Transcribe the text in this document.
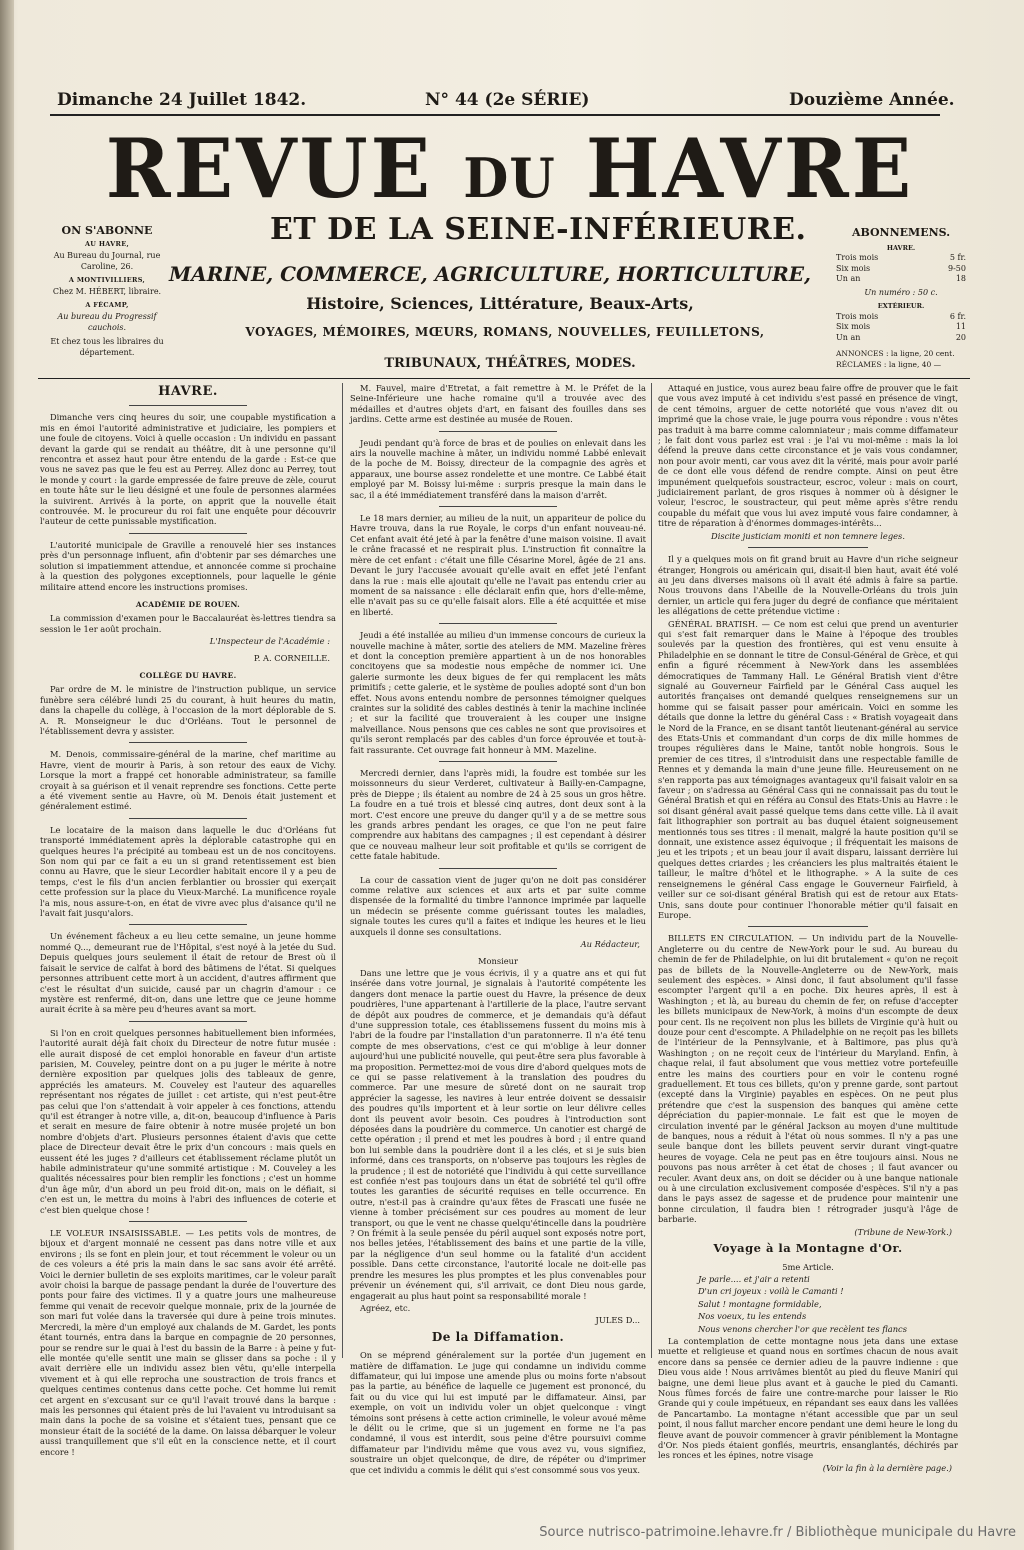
Dimanche 24 Juillet 1842.	N° 44 (2e SÉRIE)	Douzième Année.
REVUE DU HAVRE
ET DE LA SEINE-INFÉRIEURE.
MARINE, COMMERCE, AGRICULTURE, HORTICULTURE,
Histoire, Sciences, Littérature, Beaux-Arts,
VOYAGES, MÉMOIRES, MŒURS, ROMANS, NOUVELLES, FEUILLETONS,
TRIBUNAUX, THÉÂTRES, MODES.
ON S'ABONNE
AU HAVRE,
Au Bureau du Journal, rue Caroline, 26.
A MONTIVILLIERS,
Chez M. HÉBERT, libraire.
A FÉCAMP,
Au bureau du Progressif cauchois.
Et chez tous les libraires du département.
ABONNEMENS.
HAVRE.
Trois mois	5 fr.
Six mois	9-50
Un an	18
Un numéro : 50 c.
EXTÉRIEUR.
Trois mois	6 fr.
Six mois	11
Un an	20
ANNONCES : la ligne, 20 cent.
RÉCLAMES : la ligne, 40 —
HAVRE.

Dimanche vers cinq heures du soir, une coupable mystification a mis en émoi l'autorité administrative et judiciaire, les pompiers et une foule de citoyens. Voici à quelle occasion : Un individu en passant devant la garde qui se rendait au théâtre, dit à une personne qu'il rencontra et assez haut pour être entendu de la garde : Est-ce que vous ne savez pas que le feu est au Perrey. Allez donc au Perrey, tout le monde y court : la garde empressée de faire preuve de zèle, courut en toute hâte sur le lieu désigné et une foule de personnes alarmées la suivirent. Arrivés à la porte, on apprit que la nouvelle était controuvée. M. le procureur du roi fait une enquête pour découvrir l'auteur de cette punissable mystification.

L'autorité municipale de Graville a renouvelé hier ses instances près d'un personnage influent, afin d'obtenir par ses démarches une solution si impatiemment attendue, et annoncée comme si prochaine à la question des polygones exceptionnels, pour laquelle le génie militaire attend encore les instructions promises.

ACADÉMIE DE ROUEN.

La commission d'examen pour le Baccalauréat ès-lettres tiendra sa session le 1er août prochain.

L'Inspecteur de l'Académie :
P. A. CORNEILLE.
COLLÈGE DU HAVRE.

Par ordre de M. le ministre de l'instruction publique, un service funèbre sera célébré lundi 25 du courant, à huit heures du matin, dans la chapelle du collège, à l'occasion de la mort déplorable de S. A. R. Monseigneur le duc d'Orléans. Tout le personnel de l'établissement devra y assister.

M. Denois, commissaire-général de la marine, chef maritime au Havre, vient de mourir à Paris, à son retour des eaux de Vichy. Lorsque la mort a frappé cet honorable administrateur, sa famille croyait à sa guérison et il venait reprendre ses fonctions. Cette perte a été vivement sentie au Havre, où M. Denois était justement et généralement estimé.

Le locataire de la maison dans laquelle le duc d'Orléans fut transporté immédiatement après la déplorable catastrophe qui en quelques heures l'a précipité au tombeau est un de nos concitoyens. Son nom qui par ce fait a eu un si grand retentissement est bien connu au Havre, que le sieur Lecordier habitait encore il y a peu de temps, c'est le fils d'un ancien ferblantier ou brossier qui exerçait cette profession sur la place du Vieux-Marché. La munificence royale l'a mis, nous assure-t-on, en état de vivre avec plus d'aisance qu'il ne l'avait fait jusqu'alors.

Un événement fâcheux a eu lieu cette semaine, un jeune homme nommé Q..., demeurant rue de l'Hôpital, s'est noyé à la jetée du Sud. Depuis quelques jours seulement il était de retour de Brest où il faisait le service de calfat à bord des bâtimens de l'état. Si quelques personnes attribuent cette mort à un accident, d'autres affirment que c'est le résultat d'un suicide, causé par un chagrin d'amour : ce mystère est renfermé, dit-on, dans une lettre que ce jeune homme aurait écrite à sa mère peu d'heures avant sa mort.

Si l'on en croit quelques personnes habituellement bien informées, l'autorité aurait déjà fait choix du Directeur de notre futur musée : elle aurait disposé de cet emploi honorable en faveur d'un artiste parisien, M. Couveley, peintre dont on a pu juger le mérite à notre dernière exposition par quelques jolis des tableaux de genre, appréciés les amateurs. M. Couveley est l'auteur des aquarelles représentant nos régates de juillet : cet artiste, qui n'est peut-être pas celui que l'on s'attendait à voir appeler à ces fonctions, attendu qu'il est étranger à notre ville, a, dit-on, beaucoup d'influence à Paris et serait en mesure de faire obtenir à notre musée projeté un bon nombre d'objets d'art. Plusieurs personnes étaient d'avis que cette place de Directeur devait être le prix d'un concours : mais quels en eussent été les juges ? d'ailleurs cet établissement réclame plutôt un habile administrateur qu'une sommité artistique : M. Couveley a les qualités nécessaires pour bien remplir les fonctions ; c'est un homme d'un âge mûr, d'un abord un peu froid dit-on, mais on le défiait, si c'en est un, le mettra du moins à l'abri des influences de coterie et c'est bien quelque chose !

LE VOLEUR INSAISISSABLE. — Les petits vols de montres, de bijoux et d'argent monnaié ne cessent pas dans notre ville et aux environs ; ils se font en plein jour, et tout récemment le voleur ou un de ces voleurs a été pris la main dans le sac sans avoir été arrêté. Voici le dernier bulletin de ses exploits maritimes, car le voleur paraît avoir choisi la barque de passage pendant la durée de l'ouverture des ponts pour faire des victimes. Il y a quatre jours une malheureuse femme qui venait de recevoir quelque monnaie, prix de la journée de son mari fut volée dans la traversée qui dure à peine trois minutes. Mercredi, la mère d'un employé aux chalands de M. Gardet, les ponts étant tournés, entra dans la barque en compagnie de 20 personnes, pour se rendre sur le quai à l'est du bassin de la Barre : à peine y fut-elle montée qu'elle sentit une main se glisser dans sa poche : il y avait derrière elle un individu assez bien vêtu, qu'elle interpella vivement et à qui elle reprocha une soustraction de trois francs et quelques centimes contenus dans cette poche. Cet homme lui remit cet argent en s'excusant sur ce qu'il l'avait trouvé dans la barque : mais les personnes qui étaient près de lui l'avaient vu introduisant sa main dans la poche de sa voisine et s'étaient tues, pensant que ce monsieur était de la société de la dame. On laissa débarquer le voleur aussi tranquillement que s'il eût en la conscience nette, et il court encore !

M. Fauvel, maire d'Etretat, a fait remettre à M. le Préfet de la Seine-Inférieure une hache romaine qu'il a trouvée avec des médailles et d'autres objets d'art, en faisant des fouilles dans ses jardins. Cette arme est destinée au musée de Rouen.

Jeudi pendant qu'à force de bras et de poulies on enlevait dans les airs la nouvelle machine à mâter, un individu nommé Labbé enlevait de la poche de M. Boissy, directeur de la compagnie des agrès et apparaux, une bourse assez rondelette et une montre. Ce Labbé était employé par M. Boissy lui-même : surpris presque la main dans le sac, il a été immédiatement transféré dans la maison d'arrêt.

Le 18 mars dernier, au milieu de la nuit, un appariteur de police du Havre trouva, dans la rue Royale, le corps d'un enfant nouveau-né. Cet enfant avait été jeté à par la fenêtre d'une maison voisine. Il avait le crâne fracassé et ne respirait plus. L'instruction fit connaître la mère de cet enfant : c'était une fille Césarine Morel, âgée de 21 ans. Devant le jury l'accusée avouait qu'elle avait en effet jeté l'enfant dans la rue : mais elle ajoutait qu'elle ne l'avait pas entendu crier au moment de sa naissance : elle déclarait enfin que, hors d'elle-même, elle n'avait pas su ce qu'elle faisait alors. Elle a été acquittée et mise en liberté.

Jeudi a été installée au milieu d'un immense concours de curieux la nouvelle machine à mâter, sortie des ateliers de MM. Mazeline frères et dont la conception première appartient à un de nos honorables concitoyens que sa modestie nous empêche de nommer ici. Une galerie surmonte les deux bigues de fer qui remplacent les mâts primitifs ; cette galerie, et le système de poulies adopté sont d'un bon effet. Nous avons entendu nombre de personnes témoigner quelques craintes sur la solidité des cables destinés à tenir la machine inclinée ; et sur la facilité que trouveraient à les couper une insigne malveillance. Nous pensons que ces cables ne sont que provisoires et qu'ils seront remplacés par des cables d'un force éprouvée et tout-à-fait rassurante. Cet ouvrage fait honneur à MM. Mazeline.

Mercredi dernier, dans l'après midi, la foudre est tombée sur les moissonneurs du sieur Verderet, cultivateur à Bailly-en-Campagne, près de Dieppe ; ils étaient au nombre de 24 à 25 sous un gros hêtre. La foudre en a tué trois et blessé cinq autres, dont deux sont à la mort. C'est encore une preuve du danger qu'il y a de se mettre sous les grands arbres pendant les orages, ce que l'on ne peut faire comprendre aux habitans des campagnes ; il est cependant à désirer que ce nouveau malheur leur soit profitable et qu'ils se corrigent de cette fatale habitude.

La cour de cassation vient de juger qu'on ne doit pas considérer comme relative aux sciences et aux arts et par suite comme dispensée de la formalité du timbre l'annonce imprimée par laquelle un médecin se présente comme guérissant toutes les maladies, signale toutes les cures qu'il a faites et indique les heures et le lieu auxquels il donne ses consultations.

Au Rédacteur,

Monsieur

Dans une lettre que je vous écrivis, il y a quatre ans et qui fut insérée dans votre journal, je signalais à l'autorité compétente les dangers dont menace la partie ouest du Havre, la présence de deux poudrières, l'une appartenant à l'artillerie de la place, l'autre servant de dépôt aux poudres de commerce, et je demandais qu'à défaut d'une suppression totale, ces établissemens fussent du moins mis à l'abri de la foudre par l'installation d'un paratonnerre. Il n'a été tenu compte de mes observations, c'est ce qui m'oblige à leur donner aujourd'hui une publicité nouvelle, qui peut-être sera plus favorable à ma proposition. Permettez-moi de vous dire d'abord quelques mots de ce qui se passe relativement à la translation des poudres du commerce. Par une mesure de sûreté dont on ne saurait trop apprécier la sagesse, les navires à leur entrée doivent se dessaisir des poudres qu'ils importent et à leur sortie on leur délivre celles dont ils peuvent avoir besoin. Ces poudres à l'introduction sont déposées dans la poudrière du commerce. Un canotier est chargé de cette opération ; il prend et met les poudres à bord ; il entre quand bon lui semble dans la poudrière dont il a les clés, et si je suis bien informé, dans ces transports, on n'observe pas toujours les règles de la prudence ; il est de notoriété que l'individu à qui cette surveillance est confiée n'est pas toujours dans un état de sobriété tel qu'il offre toutes les garanties de sécurité requises en telle occurrence. En outre, n'est-il pas à craindre qu'aux fêtes de Frascati une fusée ne vienne à tomber précisément sur ces poudres au moment de leur transport, ou que le vent ne chasse quelqu'étincelle dans la poudrière ? On frémit à la seule pensée du péril auquel sont exposés notre port, nos belles jetées, l'établissement des bains et une partie de la ville, par la négligence d'un seul homme ou la fatalité d'un accident possible. Dans cette circonstance, l'autorité locale ne doit-elle pas prendre les mesures les plus promptes et les plus convenables pour prévenir un événement qui, s'il arrivait, ce dont Dieu nous garde, engagerait au plus haut point sa responsabilité morale !

Agréez, etc.

JULES D...
De la Diffamation.

On se méprend généralement sur la portée d'un jugement en matière de diffamation. Le juge qui condamne un individu comme diffamateur, qui lui impose une amende plus ou moins forte n'absout pas la partie, au bénéfice de laquelle ce jugement est prononcé, du fait ou du vice qui lui est imputé par le diffamateur. Ainsi, par exemple, on voit un individu voler un objet quelconque : vingt témoins sont présens à cette action criminelle, le voleur avoué même le délit ou le crime, que si un jugement en forme ne l'a pas condamné, il vous est interdit, sous peine d'être poursuivi comme diffamateur par l'individu même que vous avez vu, vous signifiez, soustraire un objet quelconque, de dire, de répéter ou d'imprimer que cet individu a commis le délit qui s'est consommé sous vos yeux.

Attaqué en justice, vous aurez beau faire offre de prouver que le fait que vous avez imputé à cet individu s'est passé en présence de vingt, de cent témoins, arguer de cette notoriété que vous n'avez dit ou imprimé que la chose vraie, le juge pourra vous répondre : vous n'êtes pas traduit à ma barre comme calomniateur ; mais comme diffamateur ; le fait dont vous parlez est vrai : je l'ai vu moi-même : mais la loi défend la preuve dans cette circonstance et je vais vous condamner, non pour avoir menti, car vous avez dit la vérité, mais pour avoir parlé de ce dont elle vous défend de rendre compte. Ainsi on peut être impunément quelquefois soustracteur, escroc, voleur : mais on court, judiciairement parlant, de gros risques à nommer où à désigner le voleur, l'escroc, le soustracteur, qui peut même après s'être rendu coupable du méfait que vous lui avez imputé vous faire condamner, à titre de réparation à d'énormes dommages-intérêts...

Discite justiciam moniti et non temnere leges.

Il y a quelques mois on fit grand bruit au Havre d'un riche seigneur étranger, Hongrois ou américain qui, disait-il bien haut, avait été volé au jeu dans diverses maisons où il avait été admis à faire sa partie. Nous trouvons dans l'Abeille de la Nouvelle-Orléans du trois juin dernier, un article qui fera juger du degré de confiance que méritaient les allégations de cette prétendue victime :

GÉNÉRAL BRATISH. — Ce nom est celui que prend un aventurier qui s'est fait remarquer dans le Maine à l'époque des troubles soulevés par la question des frontières, qui est venu ensuite à Philadelphie en se donnant le titre de Consul-Général de Grèce, et qui enfin a figuré récemment à New-York dans les assemblées démocratiques de Tammany Hall. Le Général Bratish vient d'être signalé au Gouverneur Fairfield par le Général Cass auquel les autorités françaises ont demandé quelques renseignemens sur un homme qui se faisait passer pour américain. Voici en somme les détails que donne la lettre du général Cass : « Bratish voyageait dans le Nord de la France, en se disant tantôt lieutenant-général au service des Etats-Unis et commandant d'un corps de dix mille hommes de troupes régulières dans le Maine, tantôt noble hongrois. Sous le premier de ces titres, il s'introduisit dans une respectable famille de Rennes et y demanda la main d'une jeune fille. Heureusement on ne s'en rapporta pas aux témoignages avantageux qu'il faisait valoir en sa faveur ; on s'adressa au Général Cass qui ne connaissait pas du tout le Général Bratish et qui en référa au Consul des Etats-Unis au Havre : le soi disant général avait passé quelque tems dans cette ville. Là il avait fait lithographier son portrait au bas duquel étaient soigneusement mentionnés tous ses titres : il menait, malgré la haute position qu'il se donnait, une existence assez équivoque ; il fréquentait les maisons de jeu et les tripots ; et un beau jour il avait disparu, laissant derrière lui quelques dettes criardes ; les créanciers les plus maltraités étaient le tailleur, le maître d'hôtel et le lithographe. » A la suite de ces renseignemens le général Cass engage le Gouverneur Fairfield, à veiller sur ce soi-disant général Bratish qui est de retour aux Etats-Unis, sans doute pour continuer l'honorable métier qu'il faisait en Europe.

BILLETS EN CIRCULATION. — Un individu part de la Nouvelle-Angleterre ou du centre de New-York pour le sud. Au bureau du chemin de fer de Philadelphie, on lui dit brutalement « qu'on ne reçoit pas de billets de la Nouvelle-Angleterre ou de New-York, mais seulement des espèces. » Ainsi donc, il faut absolument qu'il fasse escompter l'argent qu'il a en poche. Dix heures après, il est à Washington ; et là, au bureau du chemin de fer, on refuse d'accepter les billets municipaux de New-York, à moins d'un escompte de deux pour cent. Ils ne reçoivent non plus les billets de Virginie qu'à huit ou douze pour cent d'escompte. A Philadelphie on ne reçoit pas les billets de l'intérieur de la Pennsylvanie, et à Baltimore, pas plus qu'à Washington ; on ne reçoit ceux de l'intérieur du Maryland. Enfin, à chaque relai, il faut absolument que vous mettiez votre portefeuille entre les mains des courtiers pour en voir le contenu rogné graduellement. Et tous ces billets, qu'on y prenne garde, sont partout (excepté dans la Virginie) payables en espèces. On ne peut plus prétendre que c'est la suspension des banques qui amène cette dépréciation du papier-monnaie. Le fait est que le moyen de circulation inventé par le général Jackson au moyen d'une multitude de banques, nous a réduit à l'état où nous sommes. Il n'y a pas une seule banque dont les billets peuvent servir durant vingt-quatre heures de voyage. Cela ne peut pas en être toujours ainsi. Nous ne pouvons pas nous arrêter à cet état de choses ; il faut avancer ou reculer. Avant deux ans, on doit se décider ou à une banque nationale ou à une circulation exclusivement composée d'espèces. S'il n'y a pas dans le pays assez de sagesse et de prudence pour maintenir une bonne circulation, il faudra bien ! rétrograder jusqu'à l'âge de barbarie.

(Tribune de New-York.)
Voyage à la Montagne d'Or.

5me Article.

Je parle.... et j'air a retenti

D'un cri joyeux : voilà le Camanti !

Salut ! montagne formidable,

Nos voeux, tu les entends

Nous venons chercher l'or que recèlent tes flancs

La contemplation de cette montagne nous jeta dans une extase muette et religieuse et quand nous en sortîmes chacun de nous avait encore dans sa pensée ce dernier adieu de la pauvre indienne : que Dieu vous aide ! Nous arrivâmes bientôt au pied du fleuve Manirí qui baigne, une demi lieue plus avant et à gauche le pied du Camanti. Nous fûmes forcés de faire une contre-marche pour laisser le Rio Grande qui y coule impétueux, en répandant ses eaux dans les vallées de Pancartambo. La montagne n'étant accessible que par un seul point, il nous fallut marcher encore pendant une demi heure le long du fleuve avant de pouvoir commencer à gravir péniblement la Montagne d'Or. Nos pieds étaient gonflés, meurtris, ensanglantés, déchirés par les ronces et les épines, notre visage

(Voir la fin à la dernière page.)
Source nutrisco-patrimoine.lehavre.fr / Bibliothèque municipale du Havre
